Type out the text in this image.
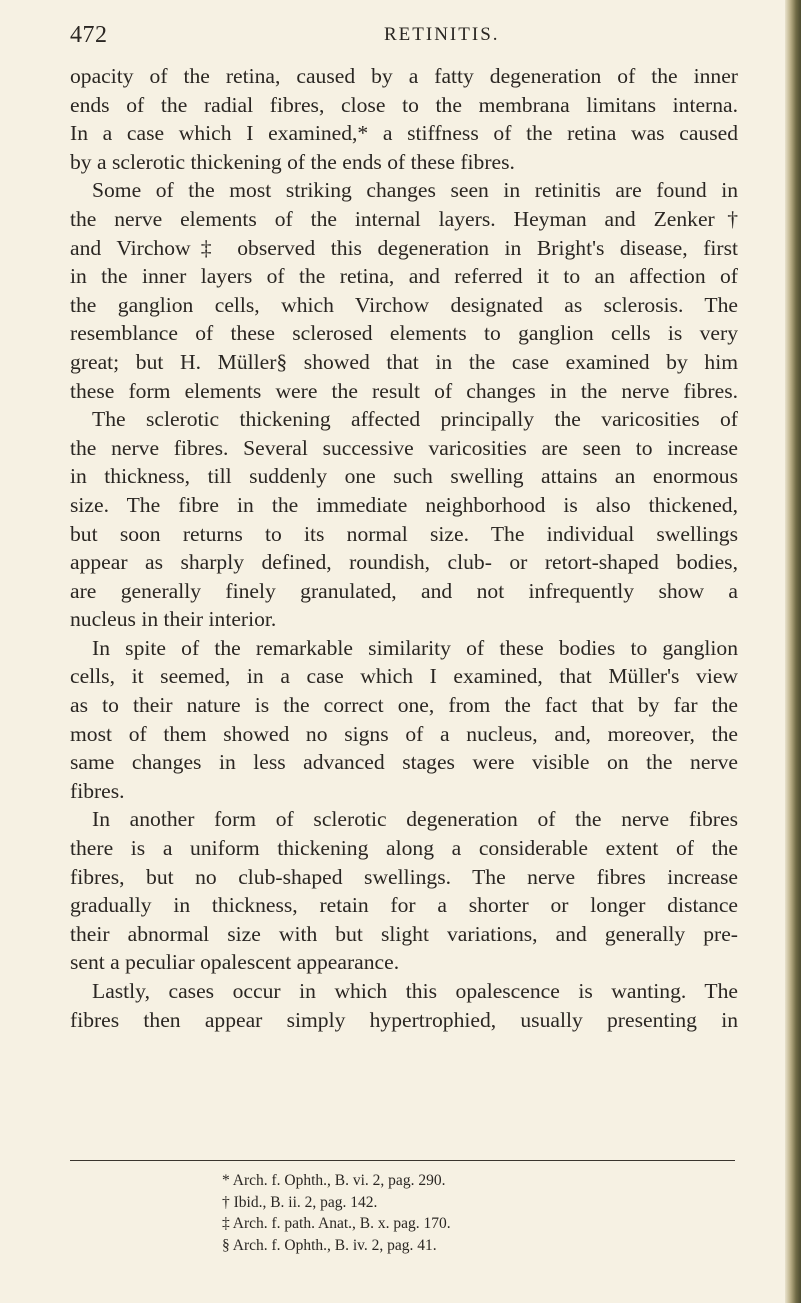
472	RETINITIS.
opacity of the retina, caused by a fatty degeneration of the inner
ends of the radial fibres, close to the membrana limitans interna.
In a case which I examined,* a stiffness of the retina was caused
by a sclerotic thickening of the ends of these fibres.
Some of the most striking changes seen in retinitis are found in
the nerve elements of the internal layers. Heyman and Zenker†
and Virchow‡ observed this degeneration in Bright's disease, first
in the inner layers of the retina, and referred it to an affection of
the ganglion cells, which Virchow designated as sclerosis. The
resemblance of these sclerosed elements to ganglion cells is very
great; but H. Müller§ showed that in the case examined by him
these form elements were the result of changes in the nerve fibres.
The sclerotic thickening affected principally the varicosities of
the nerve fibres. Several successive varicosities are seen to increase
in thickness, till suddenly one such swelling attains an enormous
size. The fibre in the immediate neighborhood is also thickened,
but soon returns to its normal size. The individual swellings
appear as sharply defined, roundish, club- or retort-shaped bodies,
are generally finely granulated, and not infrequently show a
nucleus in their interior.
In spite of the remarkable similarity of these bodies to ganglion
cells, it seemed, in a case which I examined, that Müller's view
as to their nature is the correct one, from the fact that by far the
most of them showed no signs of a nucleus, and, moreover, the
same changes in less advanced stages were visible on the nerve
fibres.
In another form of sclerotic degeneration of the nerve fibres
there is a uniform thickening along a considerable extent of the
fibres, but no club-shaped swellings. The nerve fibres increase
gradually in thickness, retain for a shorter or longer distance
their abnormal size with but slight variations, and generally pre-
sent a peculiar opalescent appearance.
Lastly, cases occur in which this opalescence is wanting. The
fibres then appear simply hypertrophied, usually presenting in
* Arch. f. Ophth., B. vi. 2, pag. 290.
† Ibid., B. ii. 2, pag. 142.
‡ Arch. f. path. Anat., B. x. pag. 170.
§ Arch. f. Ophth., B. iv. 2, pag. 41.
